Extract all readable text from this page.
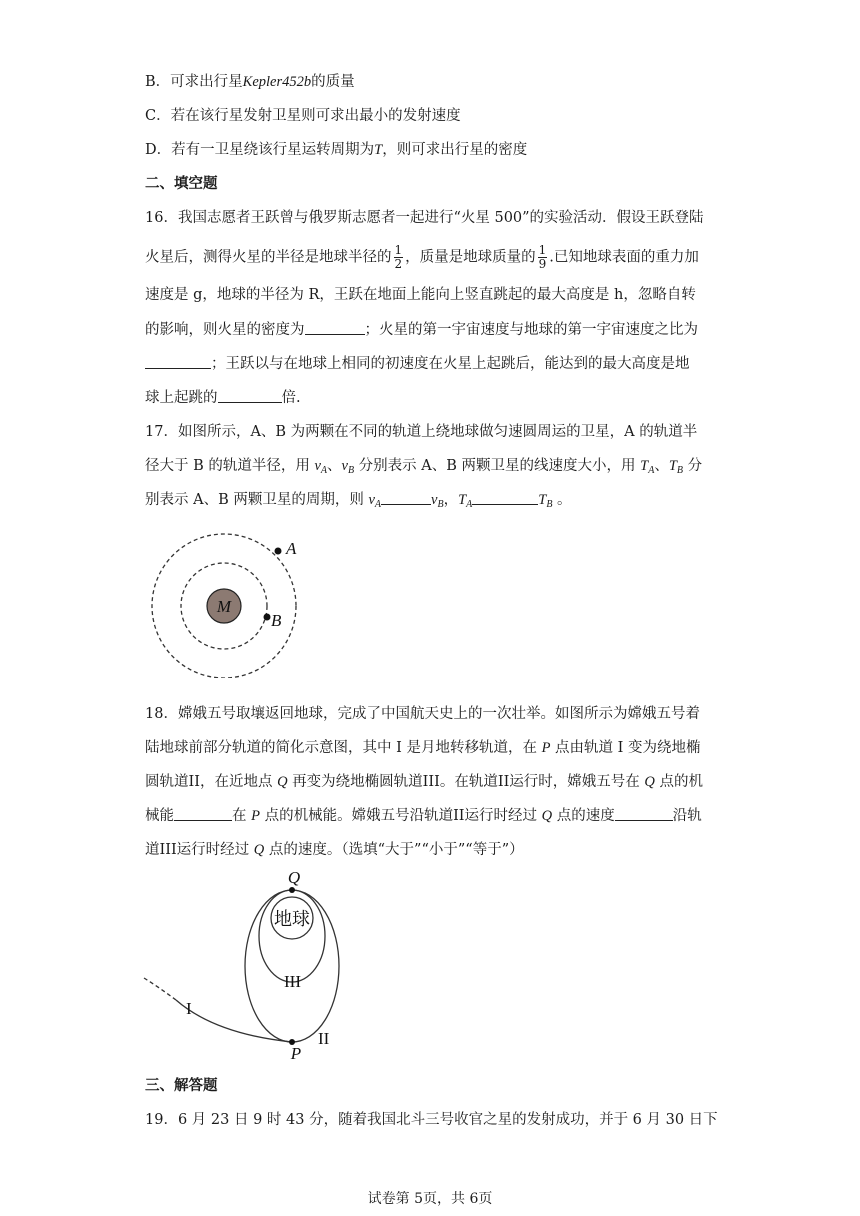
B．可求出行星Kepler452b的质量
C．若在该行星发射卫星则可求出最小的发射速度
D．若有一卫星绕该行星运转周期为T，则可求出行星的密度
二、填空题
16．我国志愿者王跃曾与俄罗斯志愿者一起进行“火星 500”的实验活动．假设王跃登陆
火星后，测得火星的半径是地球半径的 $\frac{1}{2}$ ，质量是地球质量的 $\frac{1}{9}$ .已知地球表面的重力加
速度是 g，地球的半径为 R，王跃在地面上能向上竖直跳起的最大高度是 h，忽略自转
的影响，则火星的密度为	；火星的第一宇宙速度与地球的第一宇宙速度之比为
；王跃以与在地球上相同的初速度在火星上起跳后，能达到的最大高度是地
球上起跳的	倍.
17．如图所示，A、B 为两颗在不同的轨道上绕地球做匀速圆周运的卫星，A 的轨道半
径大于 B 的轨道半径，用 $v_A$、$v_B$ 分别表示 A、B 两颗卫星的线速度大小，用 $T_A$、$T_B$ 分
别表示 A、B 两颗卫星的周期，则 $v_A$	$v_B$，$T_A$	$T_B$ 。
M
A
B
18．嫦娥五号取壤返回地球，完成了中国航天史上的一次壮举。如图所示为嫦娥五号着
陆地球前部分轨道的简化示意图，其中 I 是月地转移轨道，在 P 点由轨道 I 变为绕地椭
圆轨道II，在近地点 Q 再变为绕地椭圆轨道III。在轨道II运行时，嫦娥五号在 Q 点的机
械能	在 P 点的机械能。嫦娥五号沿轨道II运行时经过 Q 点的速度	沿轨
道III运行时经过 Q 点的速度。（选填“大于”“小于”“等于”）
地球
Q
P
I
II
III
三、解答题
19．6 月 23 日 9 时 43 分，随着我国北斗三号收官之星的发射成功，并于 6 月 30 日下
试卷第 5页，共 6页
